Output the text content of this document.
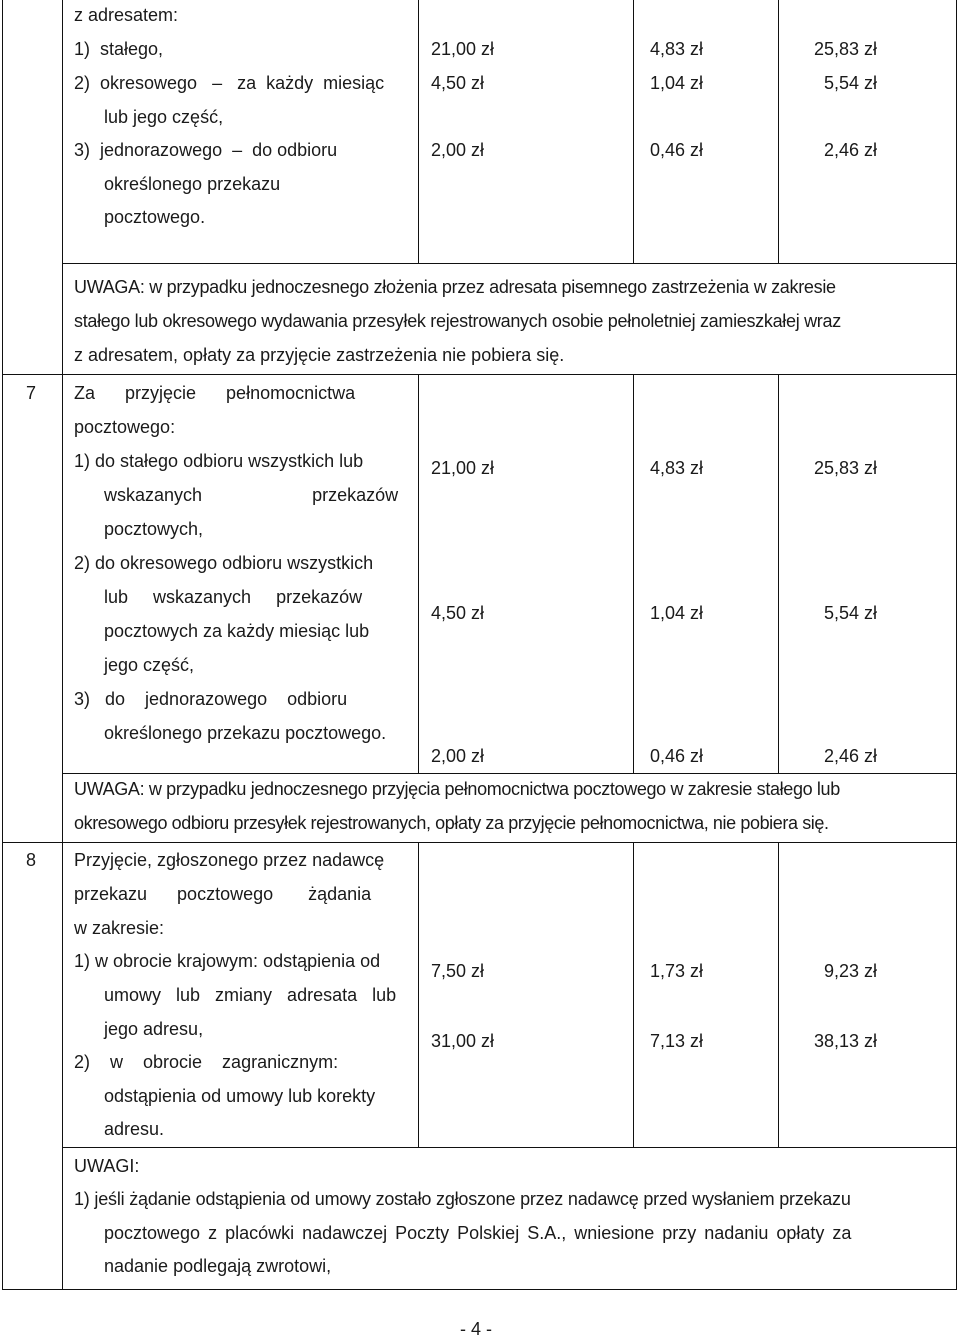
z adresatem:
1)  stałego,
2)  okresowego   –   za  każdy  miesiąc
lub jego część,
3)  jednorazowego  –  do odbioru
określonego przekazu
pocztowego.
21,00 zł
4,50 zł
2,00 zł
4,83 zł
1,04 zł
0,46 zł
25,83 zł
5,54 zł
2,46 zł
UWAGA: w przypadku jednoczesnego złożenia przez adresata pisemnego zastrzeżenia w zakresie
stałego lub okresowego wydawania przesyłek rejestrowanych osobie pełnoletniej zamieszkałej wraz
z adresatem, opłaty za przyjęcie zastrzeżenia nie pobiera się.
7 Za      przyjęcie      pełnomocnictwa
pocztowego:
1) do stałego odbioru wszystkich lub
wskazanych                      przekazów
pocztowych,
2) do okresowego odbioru wszystkich
lub     wskazanych     przekazów
pocztowych za każdy miesiąc lub
jego część,
3)   do    jednorazowego    odbioru
określonego przekazu pocztowego.
21,00 zł
4,50 zł
2,00 zł
4,83 zł
1,04 zł
0,46 zł
25,83 zł
5,54 zł
2,46 zł
UWAGA: w przypadku jednoczesnego przyjęcia pełnomocnictwa pocztowego w zakresie stałego lub
okresowego odbioru przesyłek rejestrowanych, opłaty za przyjęcie pełnomocnictwa, nie pobiera się.
8 Przyjęcie, zgłoszonego przez nadawcę
przekazu      pocztowego       żądania
w zakresie:
1) w obrocie krajowym: odstąpienia od
umowy   lub   zmiany   adresata   lub
jego adresu,
2)    w    obrocie    zagranicznym:
odstąpienia od umowy lub korekty
adresu.
7,50 zł
31,00 zł
1,73 zł
7,13 zł
9,23 zł
38,13 zł
UWAGI:
1) jeśli żądanie odstąpienia od umowy zostało zgłoszone przez nadawcę przed wysłaniem przekazu
pocztowego z placówki nadawczej Poczty Polskiej S.A., wniesione przy nadaniu opłaty za
nadanie podlegają zwrotowi,
- 4 -
